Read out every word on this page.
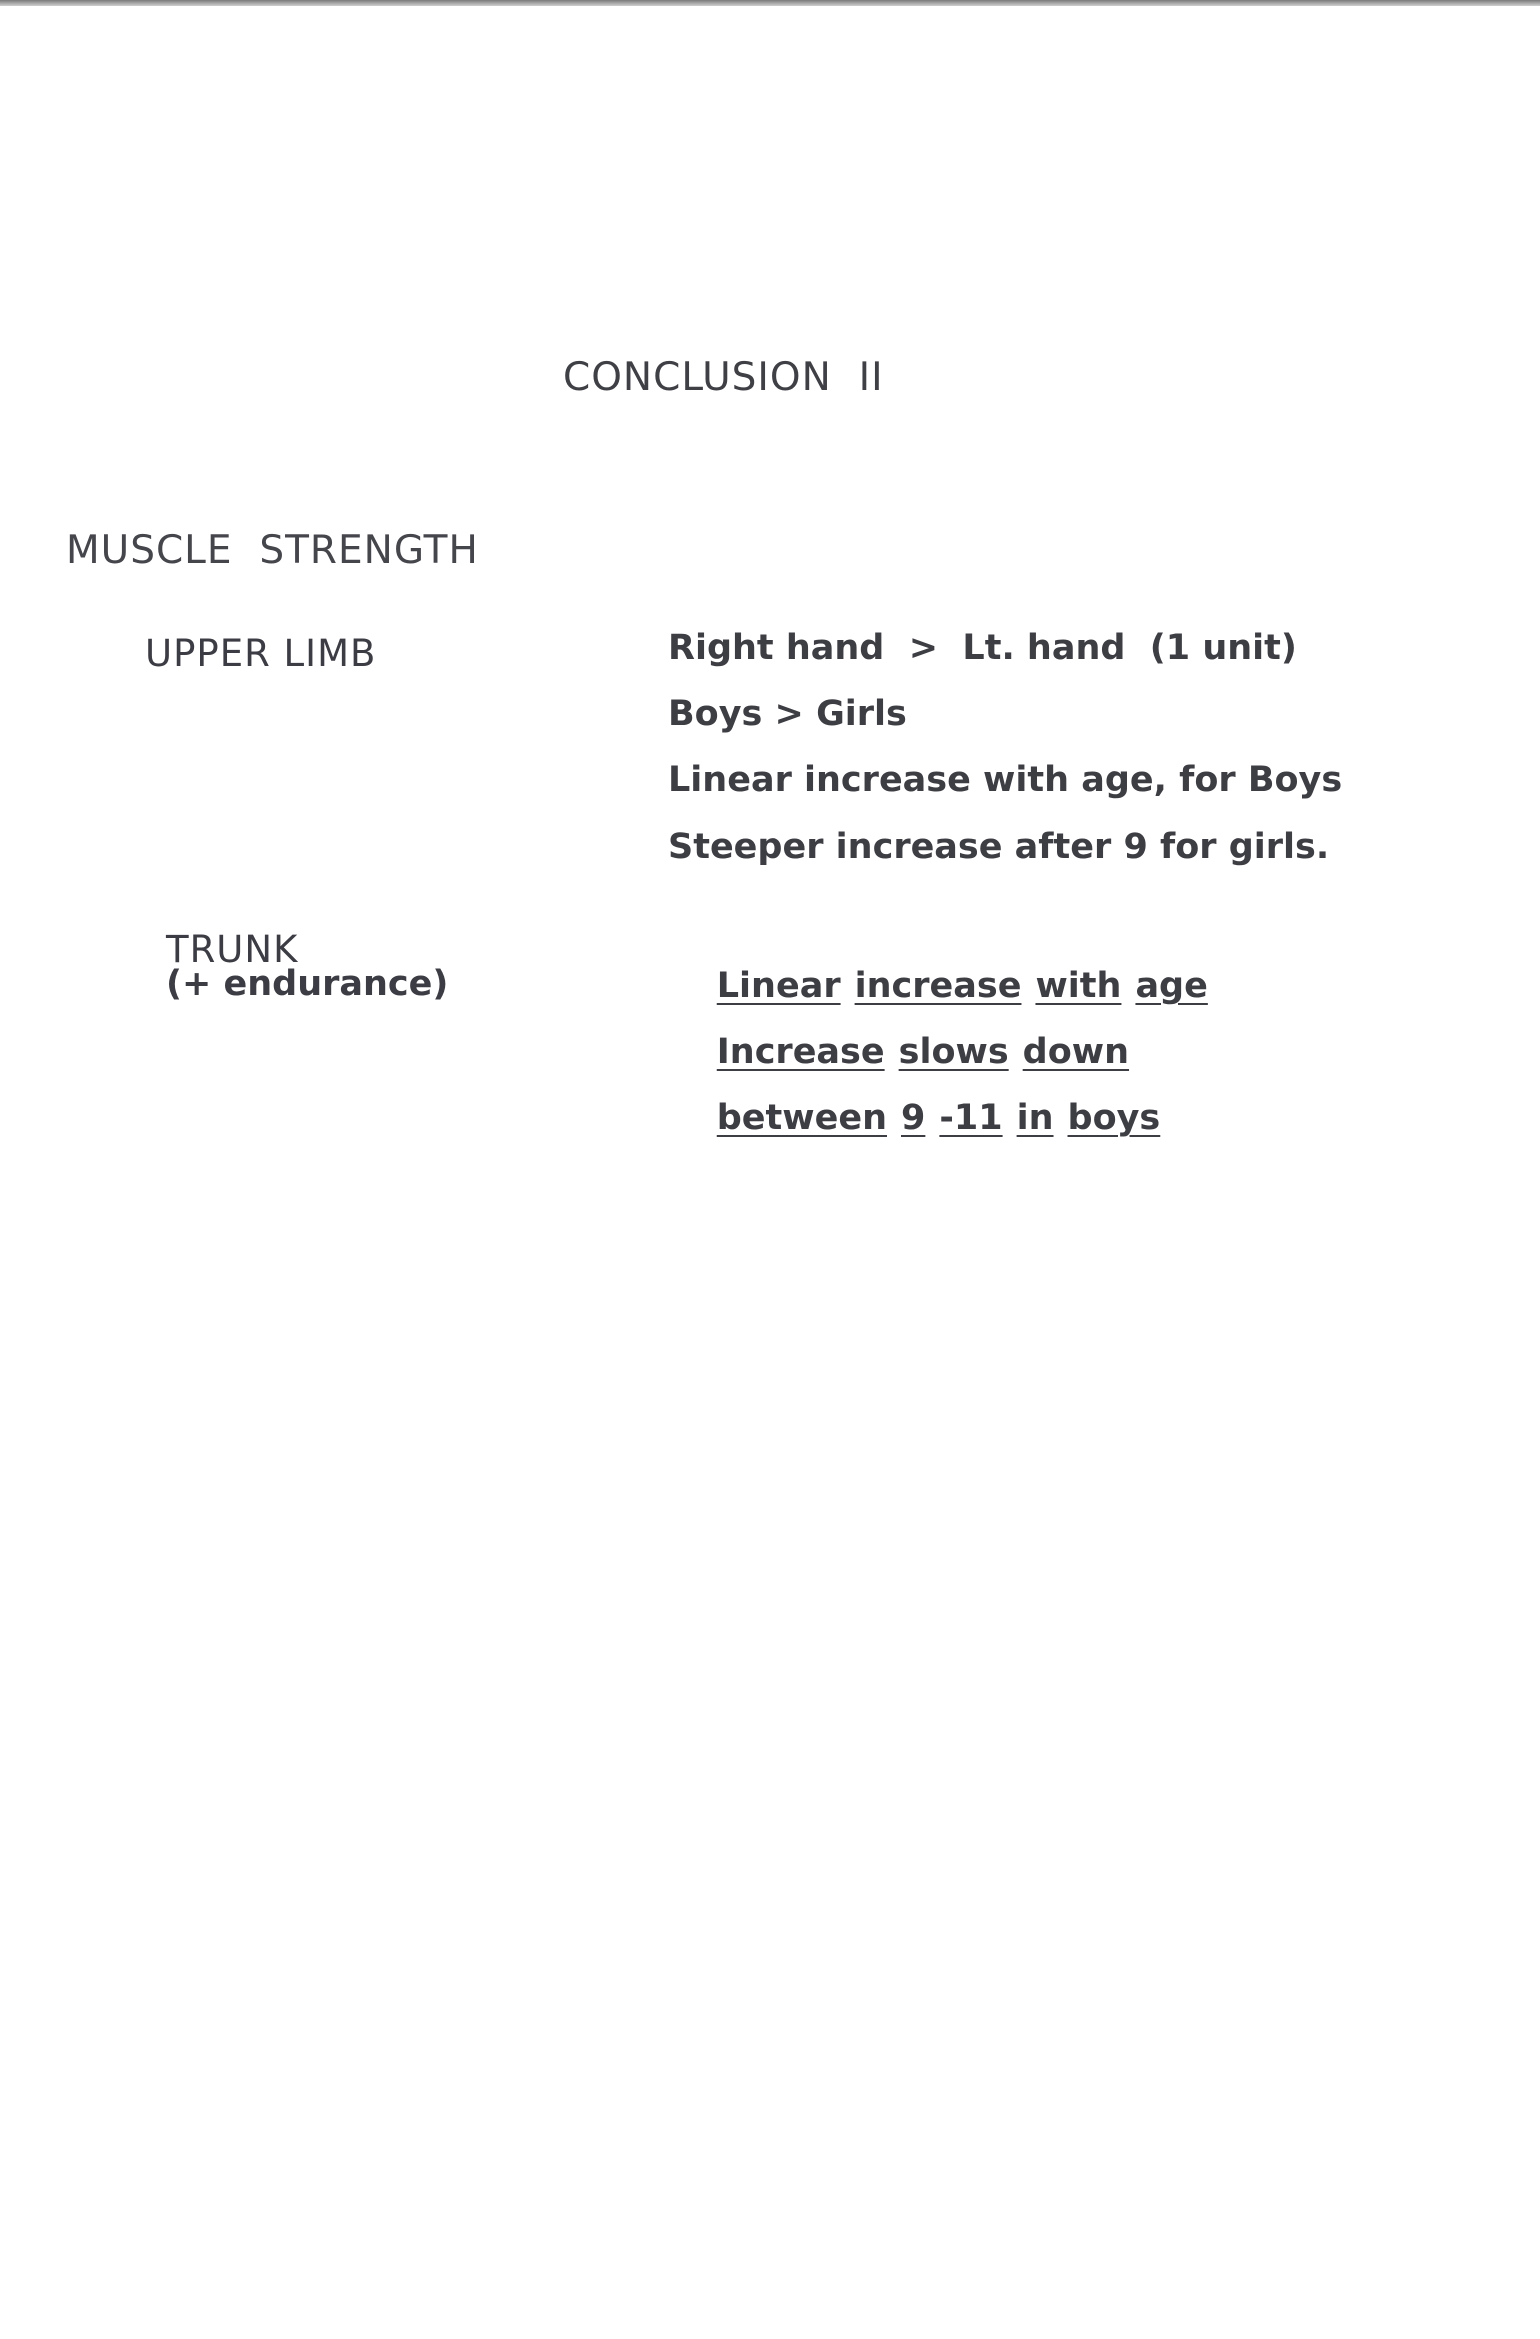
CONCLUSION  II
MUSCLE  STRENGTH
UPPER LIMB	Right hand  >  Lt. hand  (1 unit)
Boys > Girls
Linear increase with age, for Boys
Steeper increase after 9 for girls.
TRUNK
(+ endurance)	Linear increase with age

Increase slows down

between 9 -11 in boys
